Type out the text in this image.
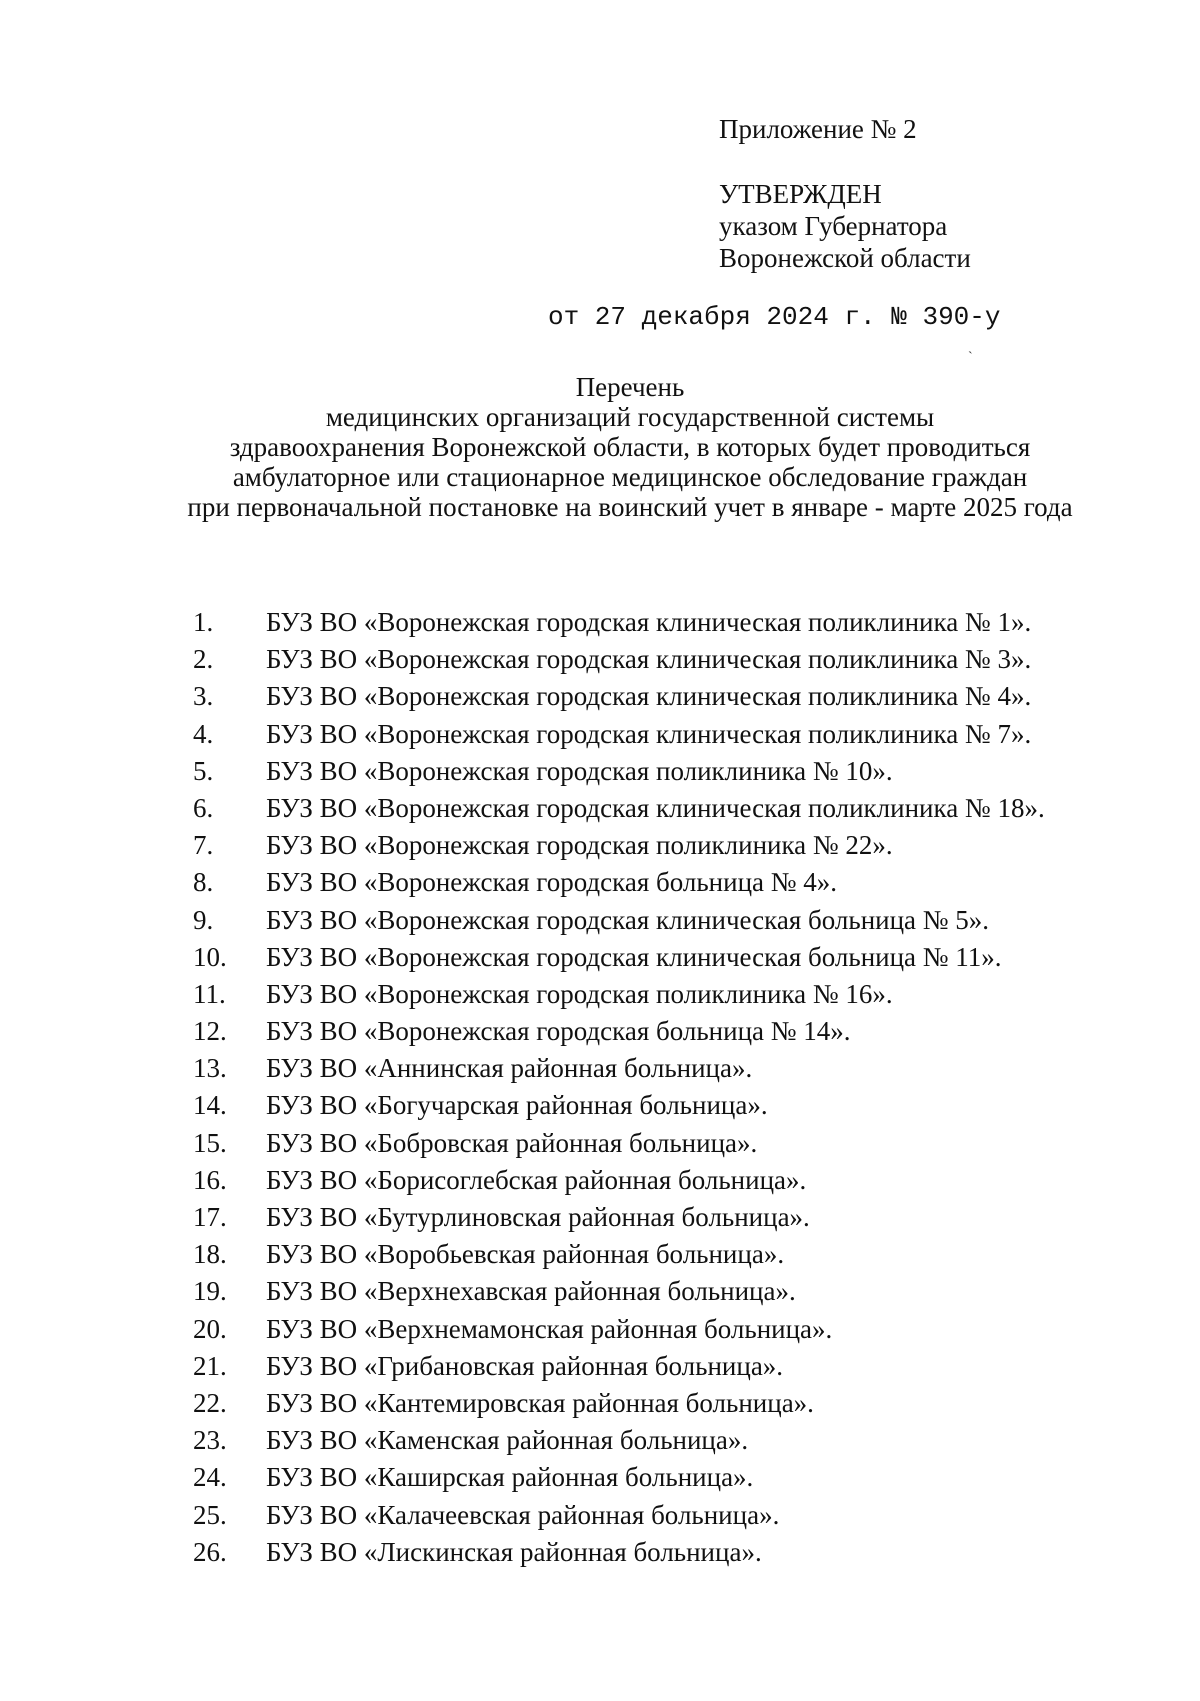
Приложение № 2
УТВЕРЖДЕН
указом Губернатора
Воронежской области
от 27 декабря 2024 г. № 390-у
`
Перечень
медицинских организаций государственной системы
здравоохранения Воронежской области, в которых будет проводиться
амбулаторное или стационарное медицинское обследование граждан
при первоначальной постановке на воинский учет в январе - марте 2025 года
1. БУЗ ВО «Воронежская городская клиническая поликлиника № 1».
2. БУЗ ВО «Воронежская городская клиническая поликлиника № 3».
3. БУЗ ВО «Воронежская городская клиническая поликлиника № 4».
4. БУЗ ВО «Воронежская городская клиническая поликлиника № 7».
5. БУЗ ВО «Воронежская городская поликлиника № 10».
6. БУЗ ВО «Воронежская городская клиническая поликлиника № 18».
7. БУЗ ВО «Воронежская городская поликлиника № 22».
8. БУЗ ВО «Воронежская городская больница № 4».
9. БУЗ ВО «Воронежская городская клиническая больница № 5».
10. БУЗ ВО «Воронежская городская клиническая больница № 11».
11. БУЗ ВО «Воронежская городская поликлиника № 16».
12. БУЗ ВО «Воронежская городская больница № 14».
13. БУЗ ВО «Аннинская районная больница».
14. БУЗ ВО «Богучарская районная больница».
15. БУЗ ВО «Бобровская районная больница».
16. БУЗ ВО «Борисоглебская районная больница».
17. БУЗ ВО «Бутурлиновская районная больница».
18. БУЗ ВО «Воробьевская районная больница».
19. БУЗ ВО «Верхнехавская районная больница».
20. БУЗ ВО «Верхнемамонская районная больница».
21. БУЗ ВО «Грибановская районная больница».
22. БУЗ ВО «Кантемировская районная больница».
23. БУЗ ВО «Каменская районная больница».
24. БУЗ ВО «Каширская районная больница».
25. БУЗ ВО «Калачеевская районная больница».
26. БУЗ ВО «Лискинская районная больница».
